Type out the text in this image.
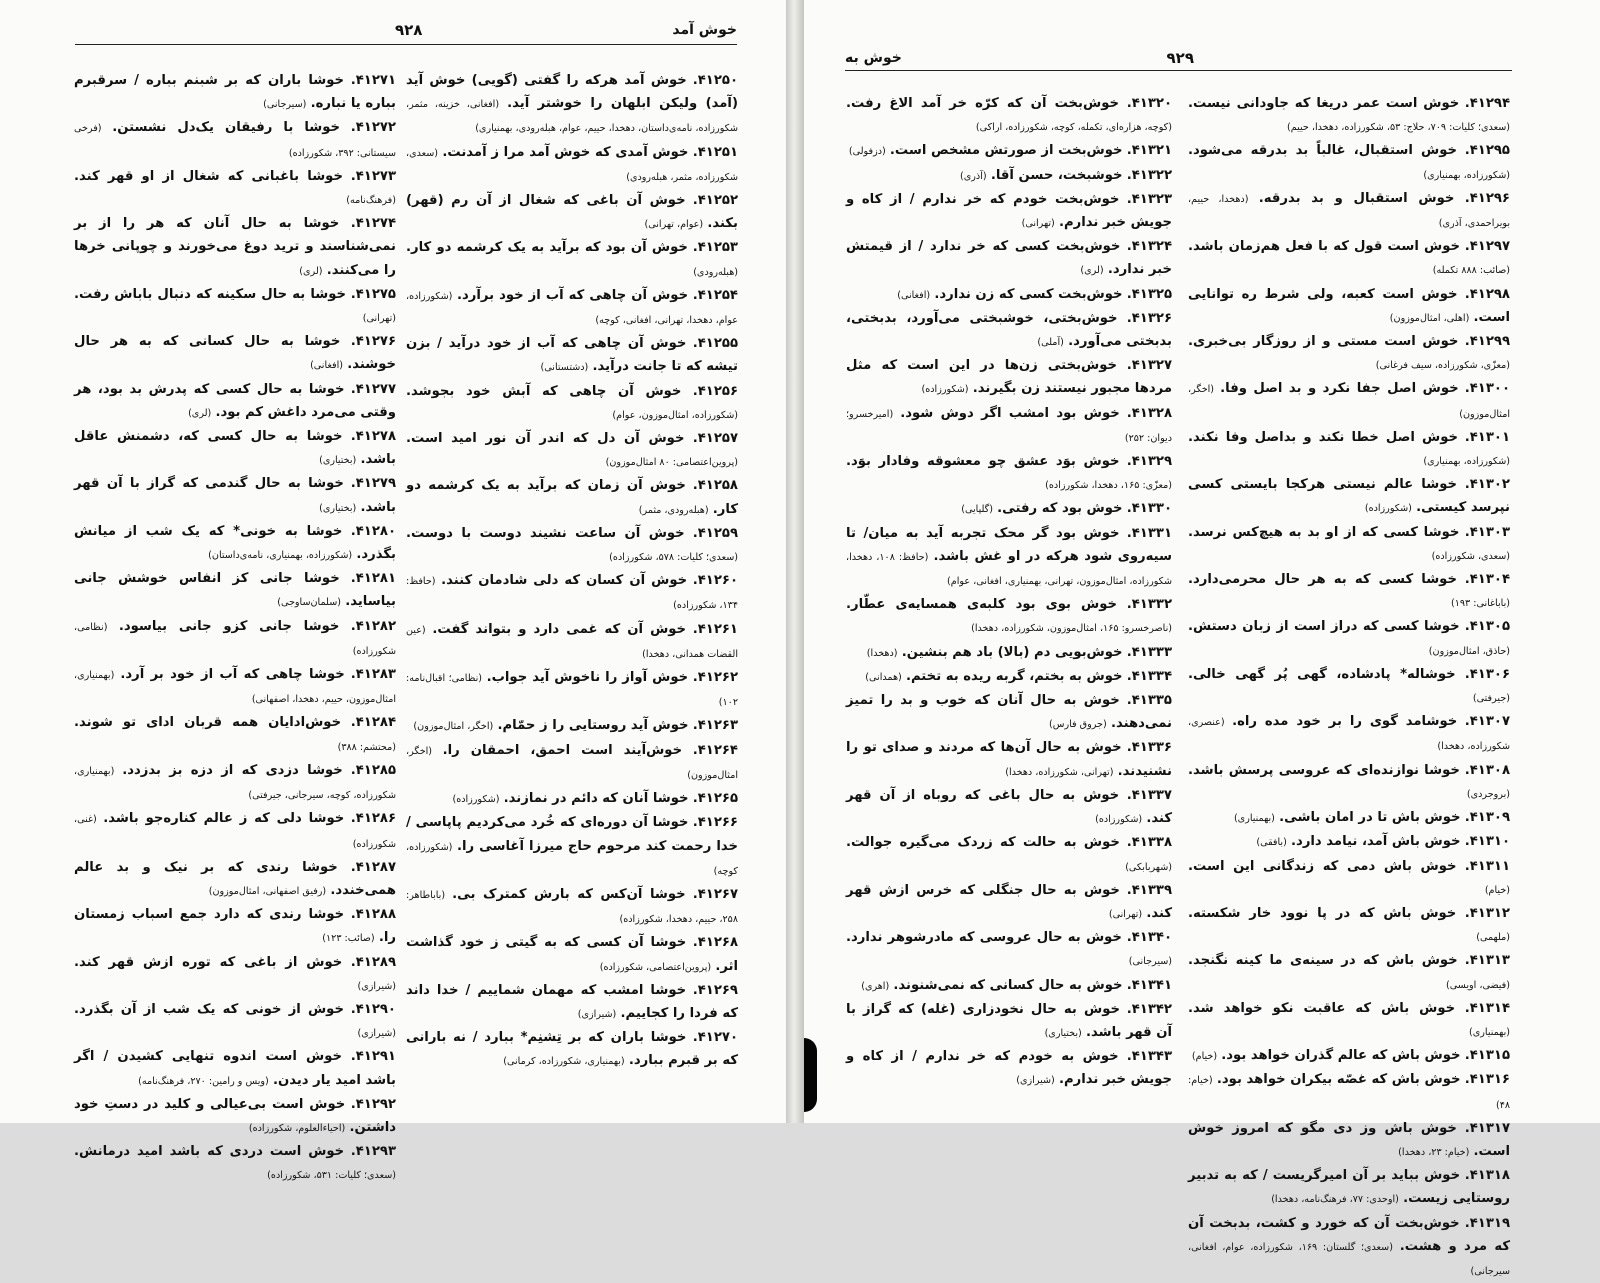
خوش آمد
۹۲۸

۴۱۲۵۰. خوش آمد هرکه را گفتی (گویی) خوش آید (آمد) ولیکن ابلهان را خوشتر آید. (افغانی، خزینه، مثمر، شکورزاده، نامه‌ی‌داستان، دهخدا، حییم، عوام، هبله‌رودی، بهمنیاری)

۴۱۲۵۱. خوش آمدی که خوش آمد مرا ز آمدنت. (سعدی، شکورزاده، مثمر، هبله‌رودی)

۴۱۲۵۲. خوش آن باغی که شغال از آن رم (قهر) بکند. (عوام، تهرانی)

۴۱۲۵۳. خوش آن بود که برآید به یک کرشمه دو کار. (هبله‌رودی)

۴۱۲۵۴. خوش آن چاهی که آب از خود برآرد. (شکورزاده، عوام، دهخدا، تهرانی، افغانی، کوچه)

۴۱۲۵۵. خوش آن چاهی که آب از خود درآید / بزن تیشه که تا جانت درآید. (دشتستانی)

۴۱۲۵۶. خوش آن چاهی که آبش خود بجوشد. (شکورزاده، امثال‌موزون، عوام)

۴۱۲۵۷. خوش آن دل که اندر آن نور امید است. (پروین‌اعتصامی: ۸۰ امثال‌موزون)

۴۱۲۵۸. خوش آن زمان که برآید به یک کرشمه دو کار. (هبله‌رودی، مثمر)

۴۱۲۵۹. خوش آن ساعت نشیند دوست با دوست. (سعدی؛ کلیات: ۵۷۸، شکورزاده)

۴۱۲۶۰. خوش آن کسان که دلی شادمان کنند. (حافظ: ۱۳۴، شکورزاده)

۴۱۲۶۱. خوش آن که غمی دارد و بتواند گفت. (عین القضات همدانی، دهخدا)

۴۱۲۶۲. خوش آواز را ناخوش آید جواب. (نظامی؛ اقبال‌نامه: ۱۰۲)

۴۱۲۶۳. خوش آید روستایی را ز حمّام. (اخگر، امثال‌موزون)

۴۱۲۶۴. خوش‌آیند است احمق، احمقان را. (اخگر، امثال‌موزون)

۴۱۲۶۵. خوشا آنان که دائم در نمازند. (شکورزاده)

۴۱۲۶۶. خوشا آن دوره‌ای که خُرد می‌کردیم پاپاسی / خدا رحمت کند مرحوم حاج میرزا آغاسی را. (شکورزاده، کوچه)

۴۱۲۶۷. خوشا آن‌کس که بارش کمترک بی. (باباطاهر: ۲۵۸، حییم، دهخدا، شکورزاده)

۴۱۲۶۸. خوشا آن کسی که به گیتی ز خود گذاشت اثر. (پروین‌اعتصامی، شکورزاده)

۴۱۲۶۹. خوشا امشب که مهمان شماییم / خدا داند که فردا را کجاییم. (شیرازی)

۴۱۲۷۰. خوشا باران که بر تِشنِم* ببارد / نه بارانی که بر قبرم ببارد. (بهمنیاری، شکورزاده، کرمانی)

۴۱۲۷۱. خوشا باران که بر شبنم بباره / سرقبرم بباره یا نباره. (سیرجانی)

۴۱۲۷۲. خوشا با رفیقان یک‌دل نشستن. (فرخی سیستانی: ۳۹۲، شکورزاده)

۴۱۲۷۳. خوشا باغبانی که شغال از او قهر کند. (فرهنگ‌نامه)

۴۱۲۷۴. خوشا به حال آنان که هر را از بر نمی‌شناسند و ترید دوغ می‌خورند و چوپانی خرها را می‌کنند. (لری)

۴۱۲۷۵. خوشا به حال سکینه که دنبال باباش رفت. (تهرانی)

۴۱۲۷۶. خوشا به حال کسانی که به هر حال خوشند. (افغانی)

۴۱۲۷۷. خوشا به حال کسی که پدرش بد بود، هر وقتی می‌مرد داغش کم بود. (لری)

۴۱۲۷۸. خوشا به حال کسی که، دشمنش عاقل باشد. (بختیاری)

۴۱۲۷۹. خوشا به حال گندمی که گراز با آن قهر باشد. (بختیاری)

۴۱۲۸۰. خوشا به خونی* که یک شب از میانش بگذرد. (شکورزاده، بهمنیاری، نامه‌ی‌داستان)

۴۱۲۸۱. خوشا جانی کز انفاس خوشش جانی بیاساید. (سلمان‌ساوجی)

۴۱۲۸۲. خوشا جانی کزو جانی بیاسود. (نظامی، شکورزاده)

۴۱۲۸۳. خوشا چاهی که آب از خود بر آرد. (بهمنیاری، امثال‌موزون، حییم، دهخدا، اصفهانی)

۴۱۲۸۴. خوش‌ادایان همه قربان ادای تو شوند. (محتشم: ۳۸۸)

۴۱۲۸۵. خوشا دزدی که از دزه بز بدزدد. (بهمنیاری، شکورزاده، کوچه، سیرجانی، جیرفتی)

۴۱۲۸۶. خوشا دلی که ز عالم کناره‌جو باشد. (غنی، شکورزاده)

۴۱۲۸۷. خوشا رندی که بر نیک و بد عالم همی‌خندد. (رفیق اصفهانی، امثال‌موزون)

۴۱۲۸۸. خوشا رندی که دارد جمع اسباب زمستان را. (صائب: ۱۲۳)

۴۱۲۸۹. خوش از باغی که توره ازش قهر کند. (شیرازی)

۴۱۲۹۰. خوش از خونی که یک شب از آن بگذرد. (شیرازی)

۴۱۲۹۱. خوش است اندوه تنهایی کشیدن / اگر باشد امید یار دیدن. (ویس و رامین: ۲۷۰، فرهنگ‌نامه)

۴۱۲۹۲. خوش است بی‌عیالی و کلید در دستِ خود داشتن. (احیاءالعلوم، شکورزاده)

۴۱۲۹۳. خوش است دردی که باشد امید درمانش. (سعدی؛ کلیات: ۵۳۱، شکورزاده)

خوش به	۹۲۹

۴۱۲۹۴. خوش است عمر دریغا که جاودانی نیست. (سعدی؛ کلیات: ۷۰۹، حلاج: ۵۳، شکورزاده، دهخدا، حییم)

۴۱۲۹۵. خوش استقبال، غالباً بد بدرقه می‌شود. (شکورزاده، بهمنیاری)

۴۱۲۹۶. خوش استقبال و بد بدرقه. (دهخدا، حییم، بویراحمدی، آذری)

۴۱۲۹۷. خوش است قول که با فعل هم‌زمان باشد. (صائب: ۸۸۸ تکمله)

۴۱۲۹۸. خوش است کعبه، ولی شرط ره توانایی است. (اهلی، امثال‌موزون)

۴۱۲۹۹. خوش است مستی و از روزگار بی‌خبری. (معزّی، شکورزاده، سیف فرغانی)

۴۱۳۰۰. خوش اصل جفا نکرد و بد اصل وفا. (اخگر، امثال‌موزون)

۴۱۳۰۱. خوش اصل خطا نکند و بداصل وفا نکند. (شکورزاده، بهمنیاری)

۴۱۳۰۲. خوشا عالم نیستی هرکجا بایستی کسی نپرسد کیستی. (شکورزاده)

۴۱۳۰۳. خوشا کسی که از او بد به هیچ‌کس نرسد. (سعدی، شکورزاده)

۴۱۳۰۴. خوشا کسی که به هر حال محرمی‌دارد. (باباغانی: ۱۹۳)

۴۱۳۰۵. خوشا کسی که دراز است از زبان دستش. (حاذق، امثال‌موزون)

۴۱۳۰۶. خوشاله* پادشاده، گهی پُر گهی خالی. (جیرفتی)

۴۱۳۰۷. خوشامد گوی را بر خود مده راه. (عنصری، شکورزاده، دهخدا)

۴۱۳۰۸. خوشا نوازنده‌ای که عروسی پرسش باشد. (بروجردی)

۴۱۳۰۹. خوش باش تا در امان باشی. (بهمنیاری)

۴۱۳۱۰. خوش باش آمد، نیامد دارد. (بافقی)

۴۱۳۱۱. خوش باش دمی که زندگانی این است. (خیام)

۴۱۳۱۲. خوش باش که در پا نوود خار شکسته. (ملهمی)

۴۱۳۱۳. خوش باش که در سینه‌ی ما کینه نگنجد. (فیضی، اویسی)

۴۱۳۱۴. خوش باش که عاقبت نکو خواهد شد. (بهمنیاری)

۴۱۳۱۵. خوش باش که عالم گذران خواهد بود. (خیام)

۴۱۳۱۶. خوش باش که غصّه بیکران خواهد بود. (خیام: ۴۸)

۴۱۳۱۷. خوش باش وز دی مگو که امروز خوش است. (خیام: ۲۳، دهخدا)

۴۱۳۱۸. خوش بباید بر آن امیرگریست / که به تدبیر روستایی زیست. (اوحدی: ۷۷، فرهنگ‌نامه، دهخدا)

۴۱۳۱۹. خوش‌بخت آن که خورد و کشت، بدبخت آن که مرد و هشت. (سعدی؛ گلستان: ۱۶۹، شکورزاده، عوام، افغانی، سیرجانی)

۴۱۳۲۰. خوش‌بخت آن که کرّه خر آمد الاغ رفت. (کوچه، هزاره‌ای، تکمله، کوچه، شکورزاده، اراکی)

۴۱۳۲۱. خوش‌بخت از صورتش مشخص است. (دزفولی)

۴۱۳۲۲. خوشبخت، حسن آقا. (آذری)

۴۱۳۲۳. خوش‌بخت خودم که خر ندارم / از کاه و جویش خبر ندارم. (تهرانی)

۴۱۳۲۴. خوش‌بخت کسی که خر ندارد / از قیمتش خبر ندارد. (لری)

۴۱۳۲۵. خوش‌بخت کسی که زن ندارد. (افغانی)

۴۱۳۲۶. خوش‌بختی، خوشبختی می‌آورد، بدبختی، بدبختی می‌آورد. (آملی)

۴۱۳۲۷. خوش‌بختی زن‌ها در این است که مثل مردها مجبور نیستند زن بگیرند. (شکورزاده)

۴۱۳۲۸. خوش بود امشب اگر دوش شود. (امیرخسرو؛ دیوان: ۲۵۲)

۴۱۳۲۹. خوش بوَد عشق چو معشوقه وفادار بوَد. (معزّی: ۱۶۵، دهخدا، شکورزاده)

۴۱۳۳۰. خوش بود که رفتی. (گلپایی)

۴۱۳۳۱. خوش بود گر محک تجربه آید به میان/ تا سیه‌روی شود هرکه در او غش باشد. (حافظ: ۱۰۸، دهخدا، شکورزاده، امثال‌موزون، تهرانی، بهمنیاری، افغانی، عوام)

۴۱۳۳۲. خوش بوی بود کلبه‌ی همسایه‌ی عطّار. (ناصرخسرو: ۱۶۵، امثال‌موزون، شکورزاده، دهخدا)

۴۱۳۳۳. خوش‌بویی دم (بالا) باد هم بنشین. (دهخدا)

۴۱۳۳۴. خوش به بختم، گربه ریده به تختم. (همدانی)

۴۱۳۳۵. خوش به حال آنان که خوب و بد را تمیز نمی‌دهند. (جروق فارس)

۴۱۳۳۶. خوش به حال آن‌ها که مردند و صدای تو را نشنیدند. (تهرانی، شکورزاده، دهخدا)

۴۱۳۳۷. خوش به حال باغی که روباه از آن قهر کند. (شکورزاده)

۴۱۳۳۸. خوش به حالت که زردک می‌گیره جوالت. (شهربابکی)

۴۱۳۳۹. خوش به حال جنگلی که خرس ازش قهر کند. (تهرانی)

۴۱۳۴۰. خوش به حال عروسی که مادرشوهر ندارد. (سیرجانی)

۴۱۳۴۱. خوش به حال کسانی که نمی‌شنوند. (اهری)

۴۱۳۴۲. خوش به حال نخودزاری (غله) که گراز با آن قهر باشد. (بختیاری)

۴۱۳۴۳. خوش به خودم که خر ندارم / از کاه و جویش خبر ندارم. (شیرازی)
